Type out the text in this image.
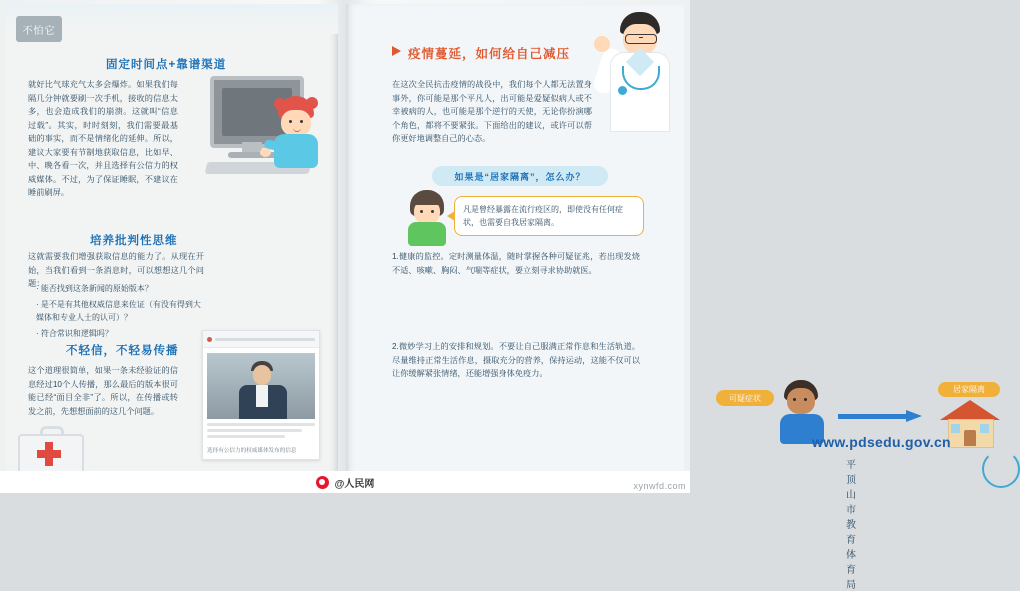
不怕它
固定时间点+靠谱渠道
就好比气球充气太多会爆炸。如果我们每隔几分钟就要刷一次手机，接收的信息太多，也会造成我们的崩溃。这就叫“信息过载”。其实，时时刻刻，我们需要最基础的事实，而不是情绪化的延伸。所以，建议大家要有节制地获取信息，比如早、中、晚各看一次，并且选择有公信力的权威媒体。不过，为了保证睡眠，不建议在睡前刷屏。
培养批判性思维
这就需要我们增强获取信息的能力了。从现在开始，当我们看到一条消息时，可以想想这几个问题：
· 能否找到这条新闻的原始版本？
· 是不是有其他权威信息来佐证（有没有得到大媒体和专业人士的认可）？
· 符合常识和逻辑吗？
不轻信，不轻易传播
这个道理很简单，如果一条未经验证的信息经过10个人传播，那么最后的版本很可能已经“面目全非”了。所以，在传播或转发之前，先想想面前的这几个问题。
选择有公信力的权威媒体发布的信息
疫情蔓延，如何给自己减压
在这次全民抗击疫情的战役中，我们每个人都无法置身事外，你可能是那个平凡人，出可能是爱疑似病人或不幸被病的人，也可能是那个逆行的天使，无论你扮演哪个角色，都将不要紧张。下面给出的建议，或许可以帮你更好地调整自己的心态。
如果是“居家隔离”，怎么办？
凡是曾经暴露在流行疫区的，即使没有任何症状，也需要自我居家隔离。
1.健康的监控。定时测量体温，随时掌握各种可疑征兆，若出现发烧不适、咳嗽、胸闷、气喘等症状，要立刻寻求协助就医。
2.微妙学习上的安排和规划。不要让自己服满正常作息和生活轨道。尽量维持正常生活作息，摄取充分的营养，保持运动，这能不仅可以让你缓解紧张情绪，还能增强身体免疫力。
可疑症状
居家隔离
www.pdsedu.gov.cn
平顶山市教育体育局
@人民网	xynwfd.com
